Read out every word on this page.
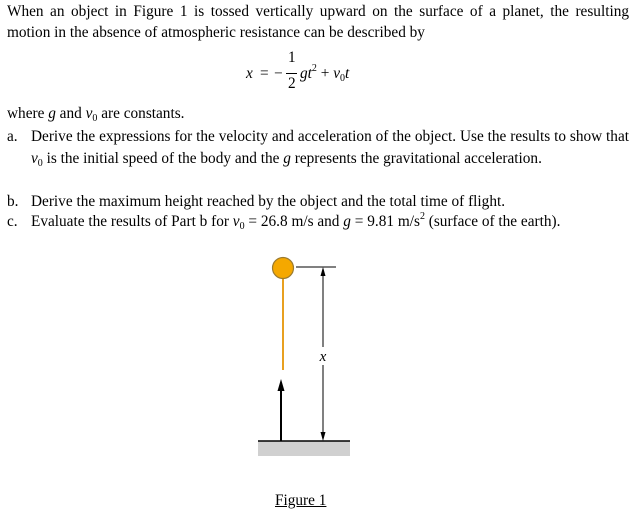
When an object in Figure 1 is tossed vertically upward on the surface of a planet, the resulting motion in the absence of atmospheric resistance can be described by

x = −
1
2
$gt^2 + v_0t$

where g and $v_0$ are constants.

a. Derive the expressions for the velocity and acceleration of the object. Use the results to show that $v_0$ is the initial speed of the body and the g represents the gravitational acceleration.
b. Derive the maximum height reached by the object and the total time of flight.
c. Evaluate the results of Part b for $v_0 = 26.8$ m/s and g = 9.81 $m/s^2$ (surface of the earth).
x
Figure 1
